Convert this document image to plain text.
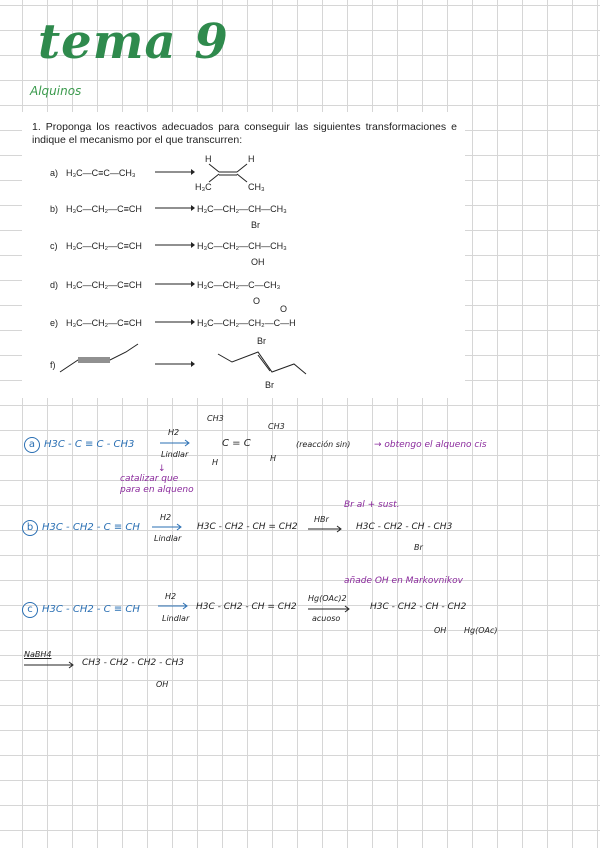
tema 9
Alquinos
1. Proponga los reactivos adecuados para conseguir las siguientes transformaciones e indique el mecanismo por el que transcurren:
a) H₃C—C≡C—CH₃
H	H
H₃C	CH₃
b) H₃C—CH₂—C≡CH	H₃C—CH₂—CH—CH₃
Br
c) H₃C—CH₂—C≡CH	H₃C—CH₂—CH—CH₃
OH
d) H₃C—CH₂—C≡CH	H₃C—CH₂—C—CH₃
O
e) H₃C—CH₂—C≡CH	H₃C—CH₂—CH₂—C—H
O
f)
Br
Br
a H3C - C ≡ C - CH3
H2
Lindlar
CH3
CH3
C = C
H	H
(reacción sin)	→ obtengo el alqueno cis
↓
catalizar que
para en alqueno
b H3C - CH2 - C ≡ CH
H2
Lindlar
H3C - CH2 - CH = CH2
HBr
H3C - CH2 - CH - CH3
Br
Br al + sust.
c H3C - CH2 - C ≡ CH
H2
Lindlar
H3C - CH2 - CH = CH2
Hg(OAc)2
acuoso
H3C - CH2 - CH - CH2
OH Hg(OAc)
añade OH en Markovnikov
NaBH4
CH3 - CH2 - CH2 - CH3
OH
